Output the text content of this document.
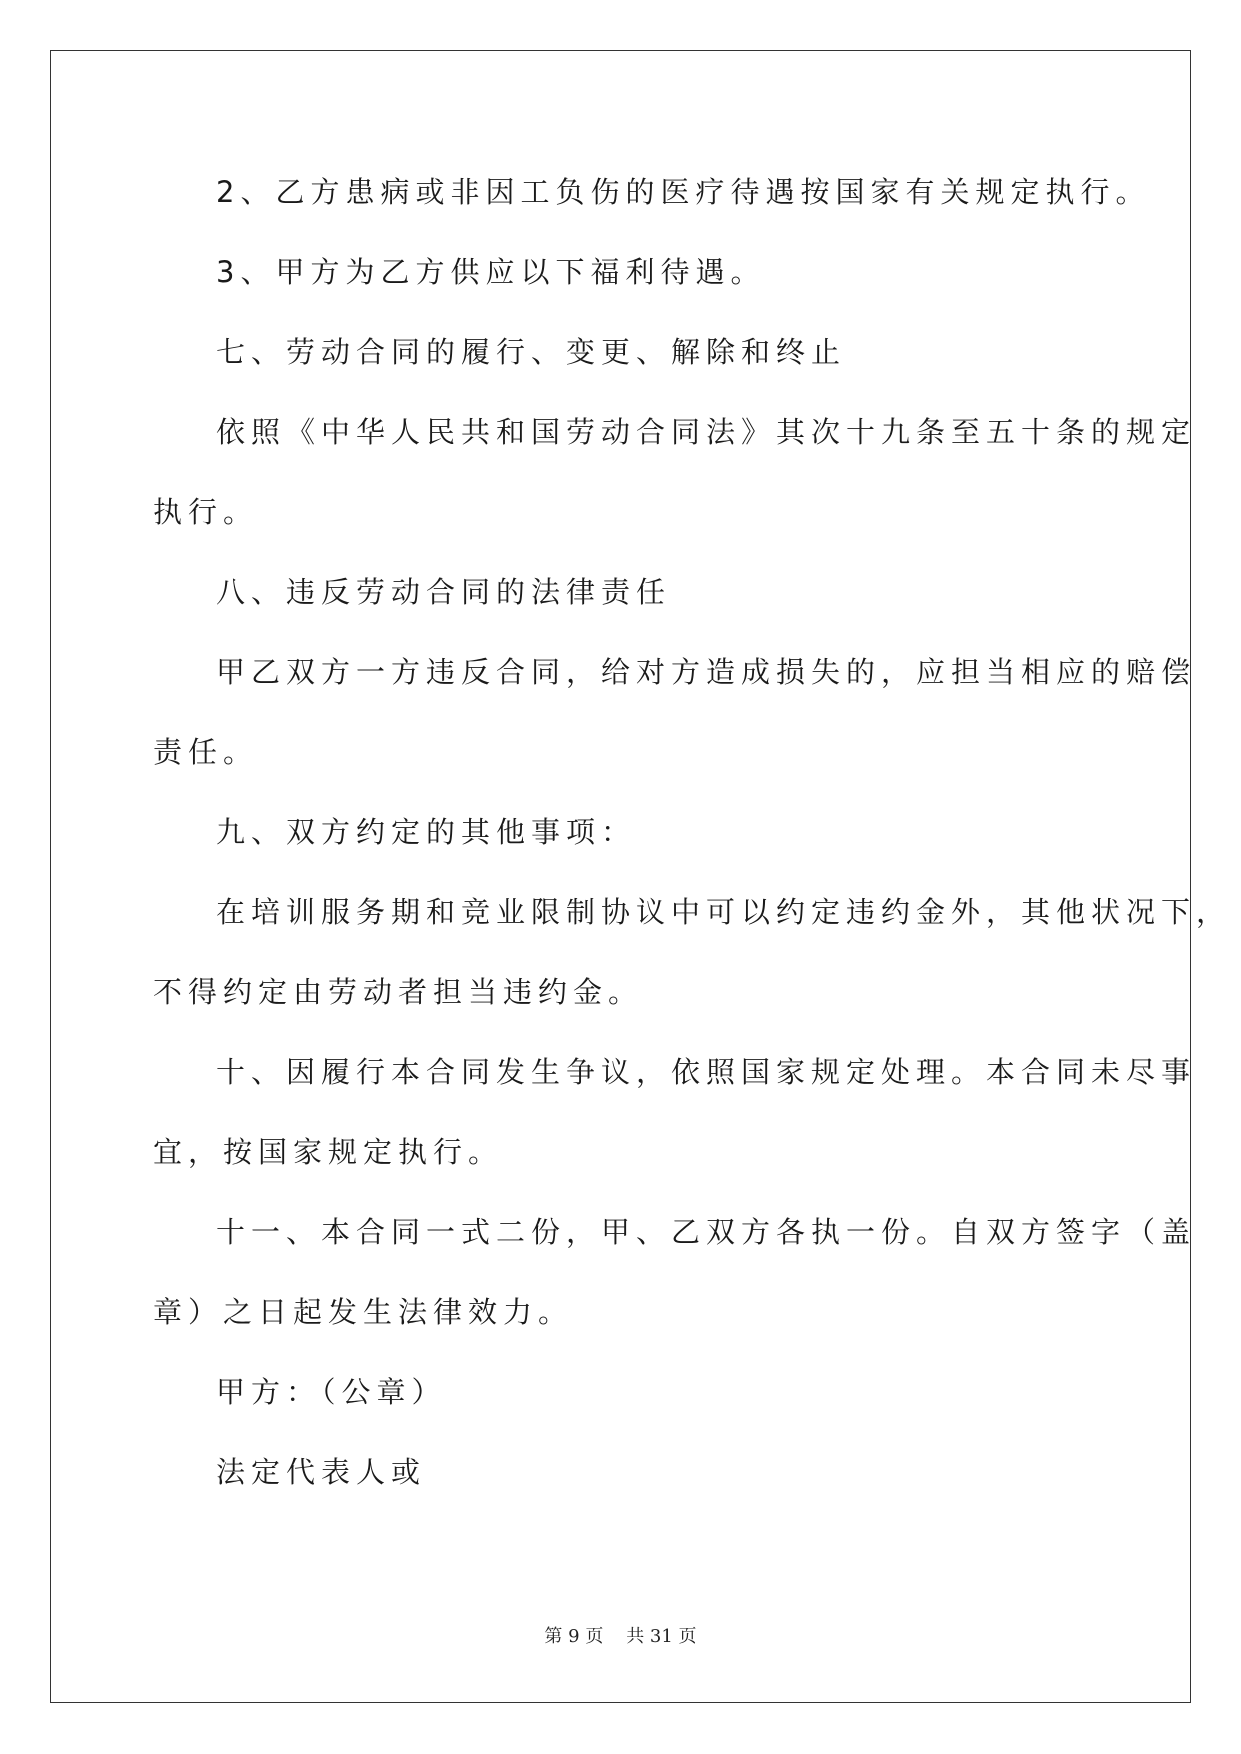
2、乙方患病或非因工负伤的医疗待遇按国家有关规定执行。
3、甲方为乙方供应以下福利待遇。
七、劳动合同的履行、变更、解除和终止
依照《中华人民共和国劳动合同法》其次十九条至五十条的规定
执行。
八、违反劳动合同的法律责任
甲乙双方一方违反合同，给对方造成损失的，应担当相应的赔偿
责任。
九、双方约定的其他事项：
在培训服务期和竞业限制协议中可以约定违约金外，其他状况下，
不得约定由劳动者担当违约金。
十、因履行本合同发生争议，依照国家规定处理。本合同未尽事
宜，按国家规定执行。
十一、本合同一式二份，甲、乙双方各执一份。自双方签字（盖
章）之日起发生法律效力。
甲方：（公章）
法定代表人或
第 9 页    共 31 页
